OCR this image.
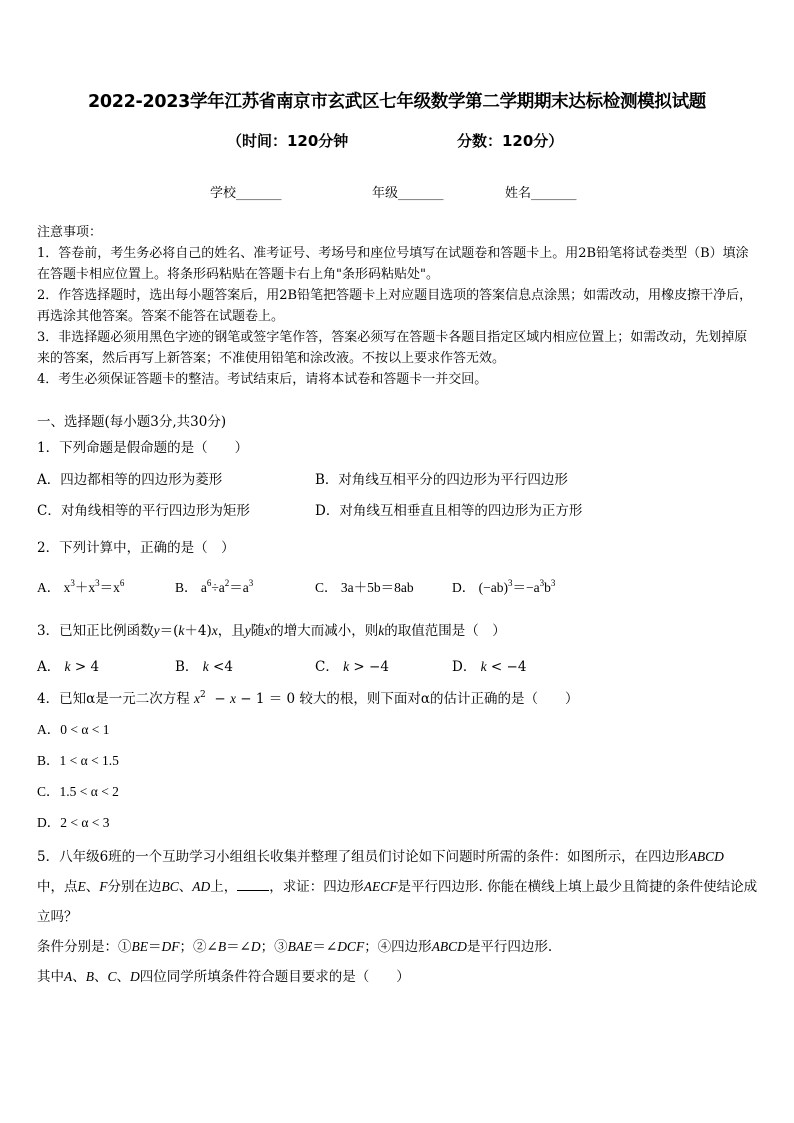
2022-2023学年江苏省南京市玄武区七年级数学第二学期期末达标检测模拟试题
（时间：120分钟	分数：120分）
学校_______	年级_______	姓名_______

注意事项：

1．答卷前，考生务必将自己的姓名、准考证号、考场号和座位号填写在试题卷和答题卡上。用2B铅笔将试卷类型（B）填涂在答题卡相应位置上。将条形码粘贴在答题卡右上角"条形码粘贴处"。

2．作答选择题时，选出每小题答案后，用2B铅笔把答题卡上对应题目选项的答案信息点涂黑；如需改动，用橡皮擦干净后，再选涂其他答案。答案不能答在试题卷上。

3．非选择题必须用黑色字迹的钢笔或签字笔作答，答案必须写在答题卡各题目指定区域内相应位置上；如需改动，先划掉原来的答案，然后再写上新答案；不准使用铅笔和涂改液。不按以上要求作答无效。

4．考生必须保证答题卡的整洁。考试结束后，请将本试卷和答题卡一并交回。

一、选择题(每小题3分,共30分)
1．下列命题是假命题的是（　　）
A．四边都相等的四边形为菱形	B．对角线互相平分的四边形为平行四边形
C．对角线相等的平行四边形为矩形	D．对角线互相垂直且相等的四边形为正方形
2．下列计算中，正确的是（　）
A． $x^3+x^3=x^6$	B． $a^6\div a^2=a^3$	C． 3a＋5b＝8ab	D． $(-ab)^3=-a^3b^3$
3．已知正比例函数y＝(k＋4)x，且y随x的增大而减小，则k的取值范围是（　）
A． k > 4	B． k <4	C． k > −4	D． k < −4
4．已知α是一元二次方程 $x^2 - x - 1 = 0$ 较大的根，则下面对α的估计正确的是（　　）
A．0 < α < 1
B．1 < α < 1.5
C．1.5 < α < 2
D．2 < α < 3

5．八年级6班的一个互助学习小组组长收集并整理了组员们讨论如下问题时所需的条件：如图所示，在四边形ABCD

中，点E、F分别在边BC、AD上， ，求证：四边形AECF是平行四边形. 你能在横线上填上最少且简捷的条件使结论成立吗？

条件分别是：①BE＝DF；②∠B＝∠D；③BAE＝∠DCF；④四边形ABCD是平行四边形.

其中A、B、C、D四位同学所填条件符合题目要求的是（　　）
